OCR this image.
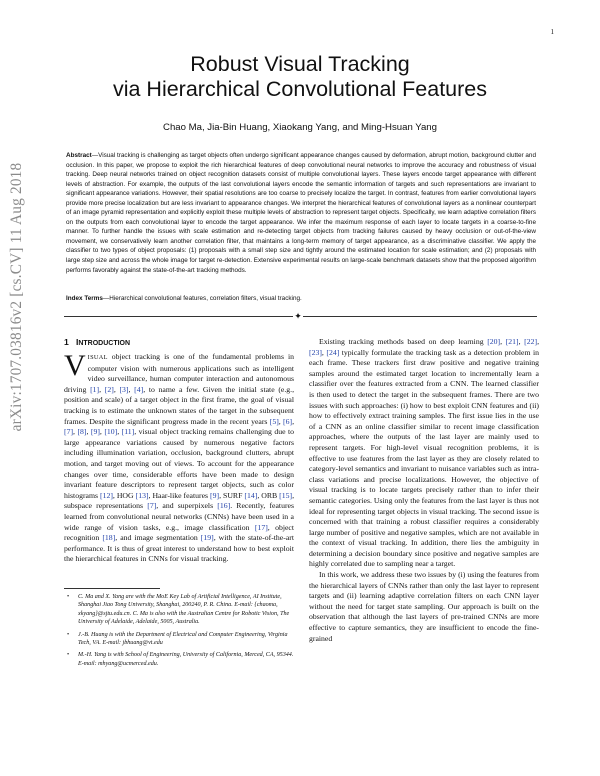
1
arXiv:1707.03816v2 [cs.CV] 11 Aug 2018
Robust Visual Tracking
via Hierarchical Convolutional Features
Chao Ma, Jia-Bin Huang, Xiaokang Yang, and Ming-Hsuan Yang
Abstract—Visual tracking is challenging as target objects often undergo significant appearance changes caused by deformation, abrupt motion, background clutter and occlusion. In this paper, we propose to exploit the rich hierarchical features of deep convolutional neural networks to improve the accuracy and robustness of visual tracking. Deep neural networks trained on object recognition datasets consist of multiple convolutional layers. These layers encode target appearance with different levels of abstraction. For example, the outputs of the last convolutional layers encode the semantic information of targets and such representations are invariant to significant appearance variations. However, their spatial resolutions are too coarse to precisely localize the target. In contrast, features from earlier convolutional layers provide more precise localization but are less invariant to appearance changes. We interpret the hierarchical features of convolutional layers as a nonlinear counterpart of an image pyramid representation and explicitly exploit these multiple levels of abstraction to represent target objects. Specifically, we learn adaptive correlation filters on the outputs from each convolutional layer to encode the target appearance. We infer the maximum response of each layer to locate targets in a coarse-to-fine manner. To further handle the issues with scale estimation and re-detecting target objects from tracking failures caused by heavy occlusion or out-of-the-view movement, we conservatively learn another correlation filter, that maintains a long-term memory of target appearance, as a discriminative classifier. We apply the classifier to two types of object proposals: (1) proposals with a small step size and tightly around the estimated location for scale estimation; and (2) proposals with large step size and across the whole image for target re-detection. Extensive experimental results on large-scale benchmark datasets show that the proposed algorithm performs favorably against the state-of-the-art tracking methods.
Index Terms—Hierarchical convolutional features, correlation filters, visual tracking.
✦
1 INTRODUCTION

VISUAL object tracking is one of the fundamental problems in computer vision with numerous applications such as intelligent video surveillance, human computer interaction and autonomous driving [1], [2], [3], [4], to name a few. Given the initial state (e.g., position and scale) of a target object in the first frame, the goal of visual tracking is to estimate the unknown states of the target in the subsequent frames. Despite the significant progress made in the recent years [5], [6], [7], [8], [9], [10], [11], visual object tracking remains challenging due to large appearance variations caused by numerous negative factors including illumination variation, occlusion, background clutters, abrupt motion, and target moving out of views. To account for the appearance changes over time, considerable efforts have been made to design invariant feature descriptors to represent target objects, such as color histograms [12], HOG [13], Haar-like features [9], SURF [14], ORB [15], subspace representations [7], and superpixels [16]. Recently, features learned from convolutional neural networks (CNNs) have been used in a wide range of vision tasks, e.g., image classification [17], object recognition [18], and image segmentation [19], with the state-of-the-art performance. It is thus of great interest to understand how to best exploit the hierarchical features in CNNs for visual tracking.

• C. Ma and X. Yang are with the MoE Key Lab of Artificial Intelligence, AI Institute, Shanghai Jiao Tong University, Shanghai, 200240, P. R. China. E-mail: {chaoma, xkyang}@sjtu.edu.cn. C. Ma is also with the Australian Centre for Robotic Vision, The University of Adelaide, Adelaide, 5005, Australia.
• J.-B. Huang is with the Department of Electrical and Computer Engineering, Virginia Tech, VA. E-mail: jbhuang@vt.edu
• M.-H. Yang is with School of Engineering, University of California, Merced, CA, 95344. E-mail: mhyang@ucmerced.edu.

Existing tracking methods based on deep learning [20], [21], [22], [23], [24] typically formulate the tracking task as a detection problem in each frame. These trackers first draw positive and negative training samples around the estimated target location to incrementally learn a classifier over the features extracted from a CNN. The learned classifier is then used to detect the target in the subsequent frames. There are two issues with such approaches: (i) how to best exploit CNN features and (ii) how to effectively extract training samples. The first issue lies in the use of a CNN as an online classifier similar to recent image classification approaches, where the outputs of the last layer are mainly used to represent targets. For high-level visual recognition problems, it is effective to use features from the last layer as they are closely related to category-level semantics and invariant to nuisance variables such as intra-class variations and precise localizations. However, the objective of visual tracking is to locate targets precisely rather than to infer their semantic categories. Using only the features from the last layer is thus not ideal for representing target objects in visual tracking. The second issue is concerned with that training a robust classifier requires a considerably large number of positive and negative samples, which are not available in the context of visual tracking. In addition, there lies the ambiguity in determining a decision boundary since positive and negative samples are highly correlated due to sampling near a target.

In this work, we address these two issues by (i) using the features from the hierarchical layers of CNNs rather than only the last layer to represent targets and (ii) learning adaptive correlation filters on each CNN layer without the need for target state sampling. Our approach is built on the observation that although the last layers of pre-trained CNNs are more effective to capture semantics, they are insufficient to encode the fine-grained
